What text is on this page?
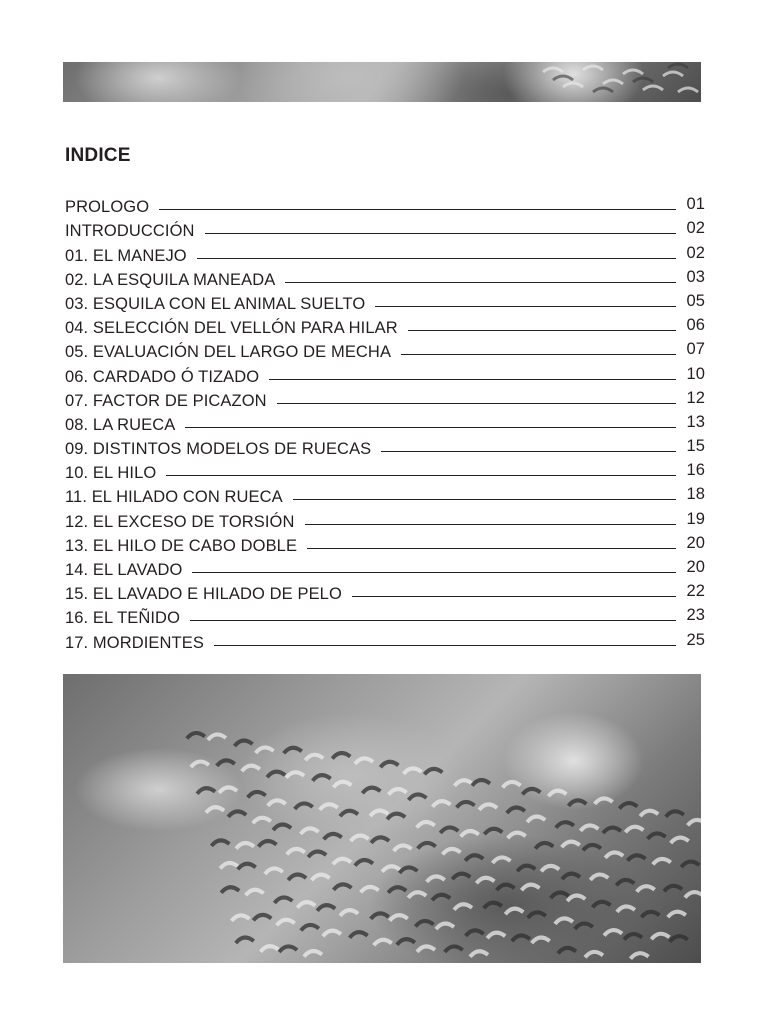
INDICE
PROLOGO	01
INTRODUCCIÓN	02
01. EL MANEJO	02
02. LA ESQUILA MANEADA	03
03. ESQUILA CON EL ANIMAL SUELTO	05
04. SELECCIÓN DEL VELLÓN PARA HILAR	06
05. EVALUACIÓN DEL LARGO DE MECHA	07
06. CARDADO Ó TIZADO	10
07. FACTOR DE PICAZON	12
08. LA RUECA	13
09. DISTINTOS MODELOS DE RUECAS	15
10. EL HILO	16
11. EL HILADO CON RUECA	18
12. EL EXCESO DE TORSIÓN	19
13. EL HILO DE CABO DOBLE	20
14. EL LAVADO	20
15. EL LAVADO E HILADO DE PELO	22
16. EL TEÑIDO	23
17. MORDIENTES	25
